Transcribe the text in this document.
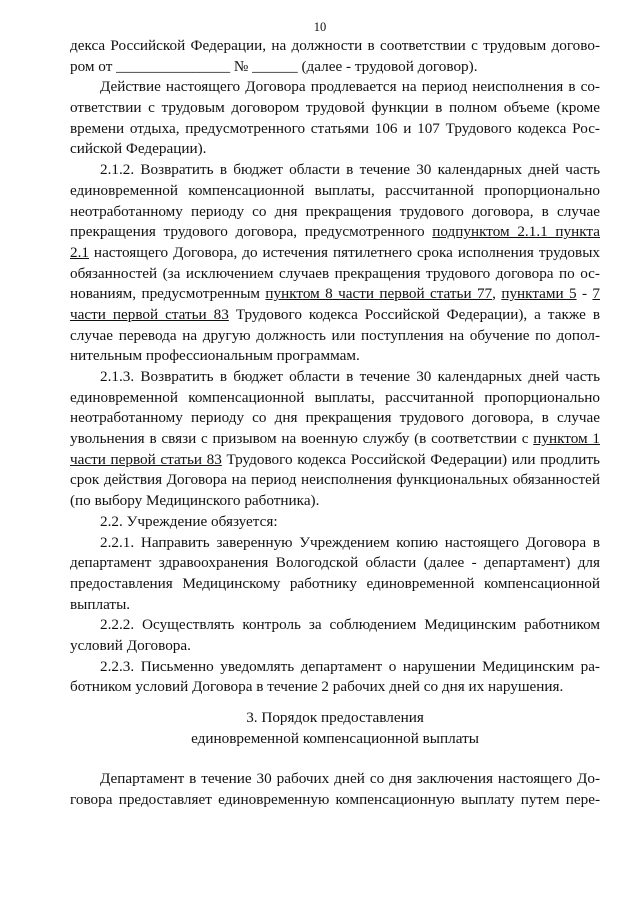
10
декса Российской Федерации, на должности в соответствии с трудовым догово-
ром от _______________ № ______ (далее - трудовой договор).
Действие настоящего Договора продлевается на период неисполнения в со-
ответствии с трудовым договором трудовой функции в полном объеме (кроме
времени отдыха, предусмотренного статьями 106 и 107 Трудового кодекса Рос-
сийской Федерации).
2.1.2. Возвратить в бюджет области в течение 30 календарных дней часть
единовременной компенсационной выплаты, рассчитанной пропорционально
неотработанному периоду со дня прекращения трудового договора, в случае
прекращения трудового договора, предусмотренного подпунктом 2.1.1 пункта
2.1 настоящего Договора, до истечения пятилетнего срока исполнения трудовых
обязанностей (за исключением случаев прекращения трудового договора по ос-
нованиям, предусмотренным пунктом 8 части первой статьи 77, пунктами 5 - 7
части первой статьи 83 Трудового кодекса Российской Федерации), а также в
случае перевода на другую должность или поступления на обучение по допол-
нительным профессиональным программам.
2.1.3. Возвратить в бюджет области в течение 30 календарных дней часть
единовременной компенсационной выплаты, рассчитанной пропорционально
неотработанному периоду со дня прекращения трудового договора, в случае
увольнения в связи с призывом на военную службу (в соответствии с пунктом 1
части первой статьи 83 Трудового кодекса Российской Федерации) или продлить
срок действия Договора на период неисполнения функциональных обязанностей
(по выбору Медицинского работника).
2.2. Учреждение обязуется:
2.2.1. Направить заверенную Учреждением копию настоящего Договора в
департамент здравоохранения Вологодской области (далее - департамент) для
предоставления Медицинскому работнику единовременной компенсационной
выплаты.
2.2.2. Осуществлять контроль за соблюдением Медицинским работником
условий Договора.
2.2.3. Письменно уведомлять департамент о нарушении Медицинским ра-
ботником условий Договора в течение 2 рабочих дней со дня их нарушения.
3. Порядок предоставления
единовременной компенсационной выплаты
Департамент в течение 30 рабочих дней со дня заключения настоящего До-
говора предоставляет единовременную компенсационную выплату путем пере-
